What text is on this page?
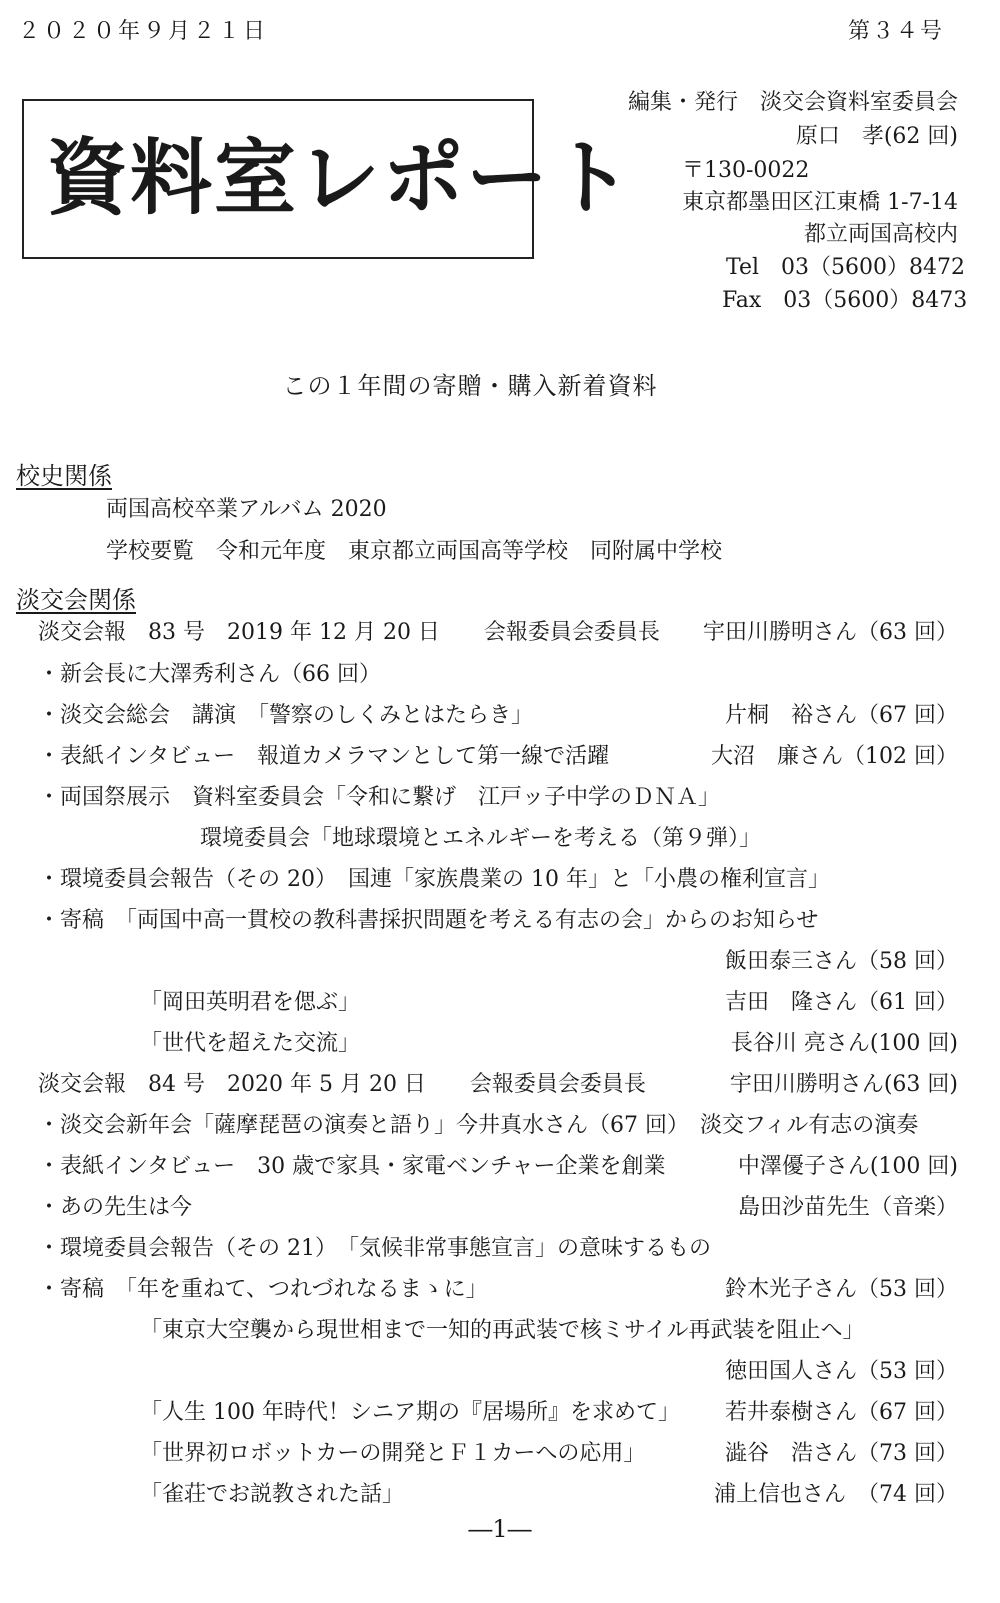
２０２０年９月２１日	第３４号
資料室レポート
編集・発行　淡交会資料室委員会
原口　孝(62 回)
〒130-0022
東京都墨田区江東橋 1-7-14
都立両国高校内
Tel　03（5600）8472
Fax　03（5600）8473
この１年間の寄贈・購入新着資料
校史関係
両国高校卒業アルバム 2020
学校要覧　令和元年度　東京都立両国高等学校　同附属中学校
淡交会関係
淡交会報　83 号　2019 年 12 月 20 日　　会報委員会委員長 宇田川勝明さん（63 回）
・新会長に大澤秀利さん（66 回）
・淡交会総会　講演　「警察のしくみとはたらき」	片桐　裕さん（67 回）
・表紙インタビュー　報道カメラマンとして第一線で活躍	大沼　廉さん（102 回）
・両国祭展示　資料室委員会「令和に繋げ　江戸ッ子中学のＤＮＡ」
環境委員会「地球環境とエネルギーを考える（第９弾）」
・環境委員会報告（その 20）　国連「家族農業の 10 年」と「小農の権利宣言」
・寄稿　「両国中高一貫校の教科書採択問題を考える有志の会」からのお知らせ
飯田泰三さん（58 回）
「岡田英明君を偲ぶ」	吉田　隆さん（61 回）
「世代を超えた交流」	長谷川 亮さん(100 回)
淡交会報　84 号　2020 年 5 月 20 日　　会報委員会委員長	宇田川勝明さん(63 回)
・淡交会新年会「薩摩琵琶の演奏と語り」今井真水さん（67 回）　淡交フィル有志の演奏
・表紙インタビュー　30 歳で家具・家電ベンチャー企業を創業	中澤優子さん(100 回)
・あの先生は今	島田沙苗先生（音楽）
・環境委員会報告（その 21）　「気候非常事態宣言」の意味するもの
・寄稿　「年を重ねて、つれづれなるまゝに」	鈴木光子さん（53 回）
「東京大空襲から現世相まで一知的再武装で核ミサイル再武装を阻止へ」
徳田国人さん（53 回）
「人生 100 年時代！シニア期の『居場所』を求めて」 若井泰樹さん（67 回）
「世界初ロボットカーの開発とＦ１カーへの応用」	澁谷　浩さん（73 回）
「雀荘でお説教された話」	浦上信也さん　（74 回）
―1―
